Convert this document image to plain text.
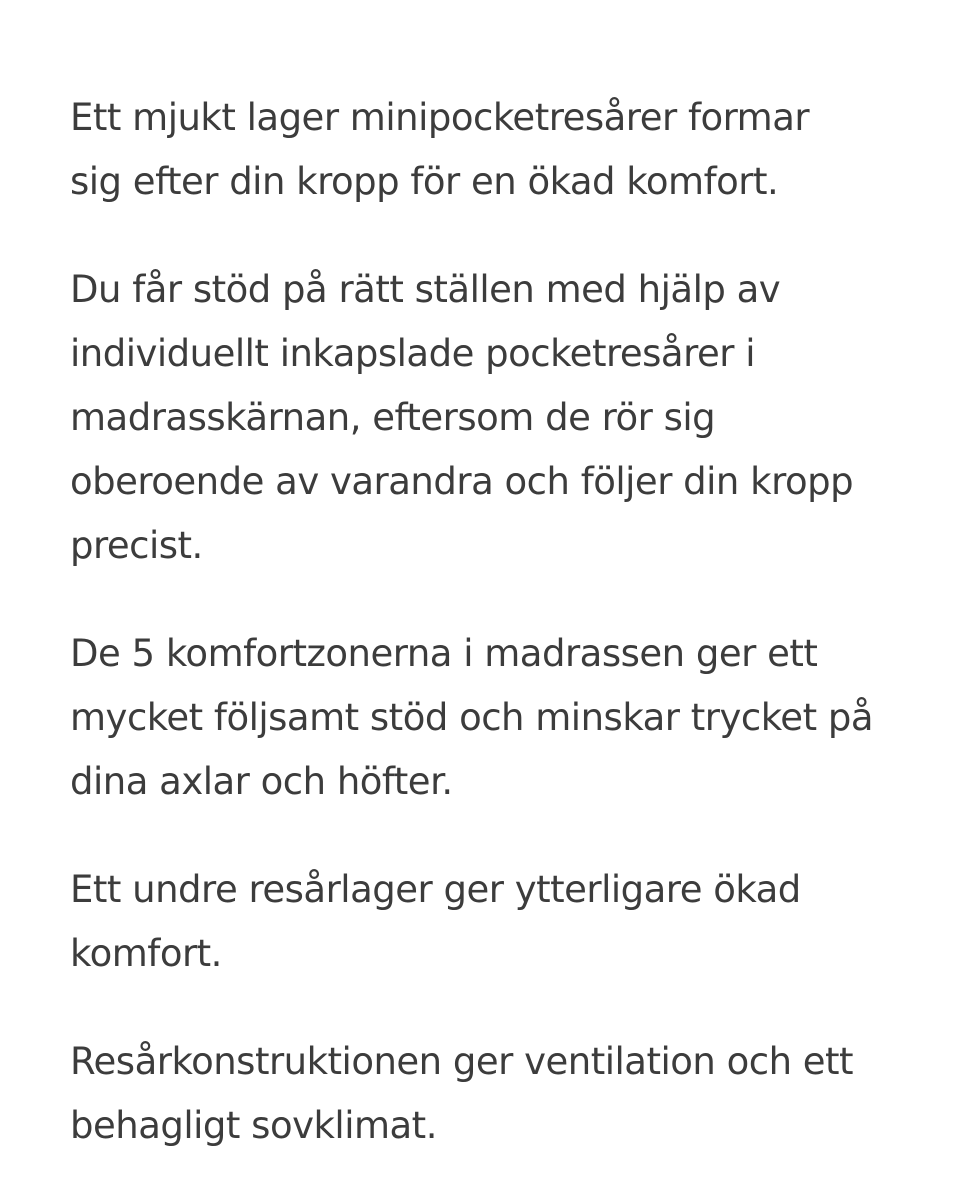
Ett mjukt lager minipocketresårer formar
sig efter din kropp för en ökad komfort.

Du får stöd på rätt ställen med hjälp av
individuellt inkapslade pocketresårer i
madrasskärnan, eftersom de rör sig
oberoende av varandra och följer din kropp
precist.

De 5 komfortzonerna i madrassen ger ett
mycket följsamt stöd och minskar trycket på
dina axlar och höfter.

Ett undre resårlager ger ytterligare ökad
komfort.

Resårkonstruktionen ger ventilation och ett
behagligt sovklimat.
